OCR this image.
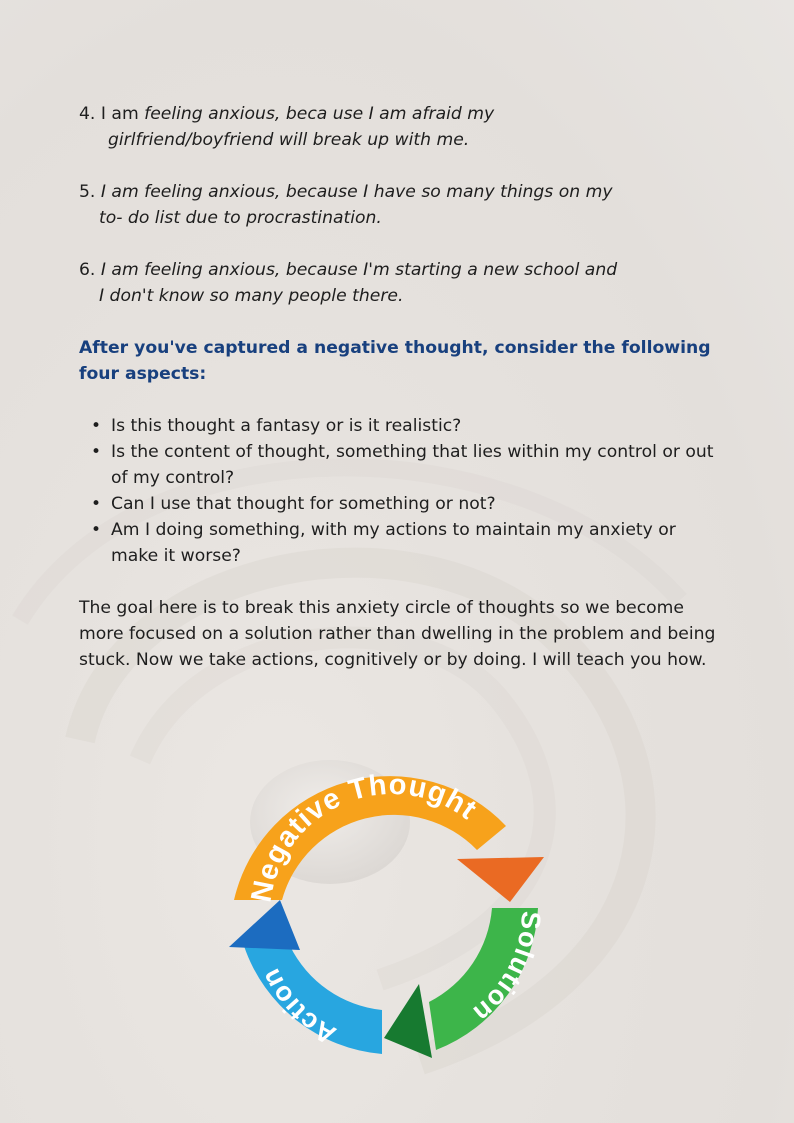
4. I am feeling anxious, beca use I am afraid my
girlfriend/boyfriend will break up with me.
5. I am feeling anxious, because I have so many things on my
to- do list due to procrastination.
6. I am feeling anxious, because I'm starting a new school and
I don't know so many people there.
After you've captured a negative thought, consider the following four aspects:
• Is this thought a fantasy or is it realistic?
• Is the content of thought, something that lies within my control or out of my control?
• Can I use that thought for something or not?
• Am I doing something, with my actions to maintain my anxiety or make it worse?

The goal here is to break this anxiety circle of thoughts so we become more focused on a solution rather than dwelling in the problem and being stuck. Now we take actions, cognitively or by doing. I will teach you how.

Negative Thought
Solution
Action
